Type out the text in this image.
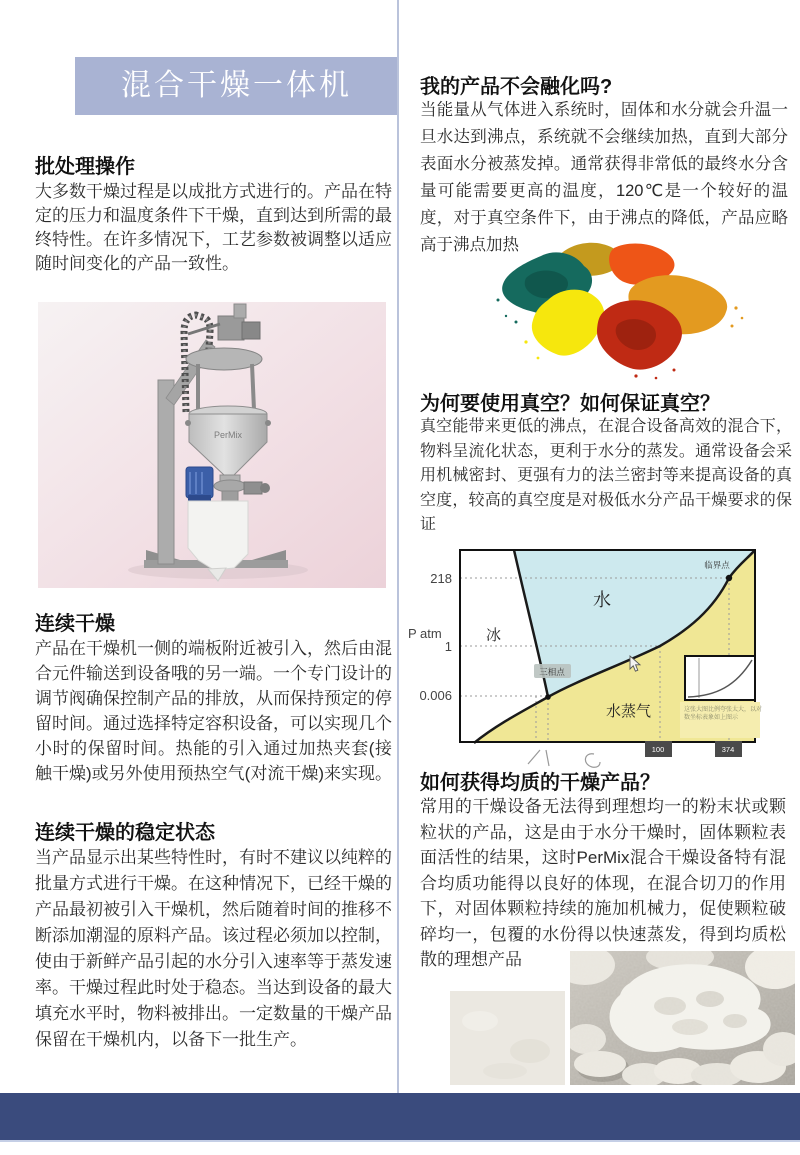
混合干燥一体机
批处理操作

大多数干燥过程是以成批方式进行的。产品在特定的压力和温度条件下干燥，直到达到所需的最终特性。在许多情况下，工艺参数被调整以适应随时间变化的产品一致性。

PerMix
连续干燥

产品在干燥机一侧的端板附近被引入，然后由混合元件输送到设备哦的另一端。一个专门设计的调节阀确保控制产品的排放，从而保持预定的停留时间。通过选择特定容积设备，可以实现几个小时的保留时间。热能的引入通过加热夹套(接触干燥)或另外使用预热空气(对流干燥)来实现。

连续干燥的稳定状态

当产品显示出某些特性时，有时不建议以纯粹的批量方式进行干燥。在这种情况下，已经干燥的产品最初被引入干燥机，然后随着时间的推移不断添加潮湿的原料产品。该过程必须加以控制，使由于新鲜产品引起的水分引入速率等于蒸发速率。干燥过程此时处于稳态。当达到设备的最大填充水平时，物料被排出。一定数量的干燥产品保留在干燥机内，以备下一批生产。

我的产品不会融化吗?

当能量从气体进入系统时，固体和水分就会升温一旦水达到沸点，系统就不会继续加热，直到大部分表面水分被蒸发掉。通常获得非常低的最终水分含量可能需要更高的温度，120℃是一个较好的温度，对于真空条件下，由于沸点的降低，产品应略高于沸点加热

为何要使用真空？如何保证真空？

真空能带来更低的沸点，在混合设备高效的混合下，物料呈流化状态，更利于水分的蒸发。通常设备会采用机械密封、更强有力的法兰密封等来提高设备的真空度，较高的真空度是对极低水分产品干燥要求的保证

冰
水
水蒸气
三相点
临界点
218
1
0.006
P atm
100	374
这张大图比例夸张太大，以对
数坐标表象如上图示
如何获得均质的干燥产品？

常用的干燥设备无法得到理想均一的粉末状或颗粒状的产品，这是由于水分干燥时，固体颗粒表面活性的结果，这时PerMix混合干燥设备特有混合均质功能得以良好的体现，在混合切刀的作用下，对固体颗粒持续的施加机械力，促使颗粒破碎均一，包覆的水份得以快速蒸发，得到均质松散的理想产品
